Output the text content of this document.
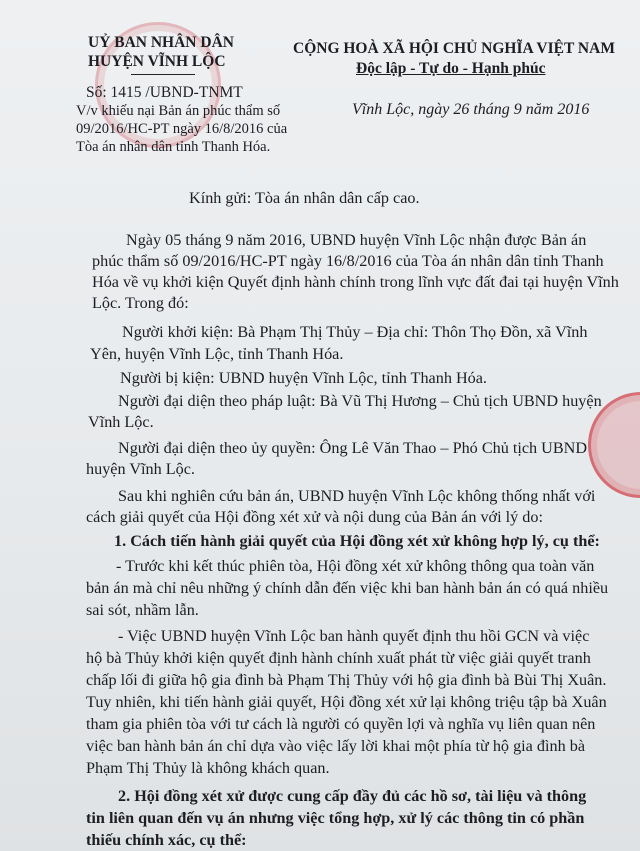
UỶ BAN NHÂN DÂN
HUYỆN VĨNH LỘC
Số: 1415 /UBND-TNMT
V/v khiếu nại Bản án phúc thẩm số
09/2016/HC-PT ngày 16/8/2016 của
Tòa án nhân dân tỉnh Thanh Hóa.
CỘNG HOÀ XÃ HỘI CHỦ NGHĨA VIỆT NAM
Độc lập - Tự do - Hạnh phúc
Vĩnh Lộc, ngày 26 tháng 9 năm 2016
Kính gửi: Tòa án nhân dân cấp cao.
Ngày 05 tháng 9 năm 2016, UBND huyện Vĩnh Lộc nhận được Bản án
phúc thẩm số 09/2016/HC-PT ngày 16/8/2016 của Tòa án nhân dân tỉnh Thanh
Hóa về vụ khởi kiện Quyết định hành chính trong lĩnh vực đất đai tại huyện Vĩnh
Lộc. Trong đó:
Người khởi kiện: Bà Phạm Thị Thủy – Địa chỉ: Thôn Thọ Đồn, xã Vĩnh
Yên, huyện Vĩnh Lộc, tỉnh Thanh Hóa.
Người bị kiện: UBND huyện Vĩnh Lộc, tỉnh Thanh Hóa.
Người đại diện theo pháp luật: Bà Vũ Thị Hương – Chủ tịch UBND huyện
Vĩnh Lộc.
Người đại diện theo ủy quyền: Ông Lê Văn Thao – Phó Chủ tịch UBND
huyện Vĩnh Lộc.
Sau khi nghiên cứu bản án, UBND huyện Vĩnh Lộc không thống nhất với
cách giải quyết của Hội đồng xét xử và nội dung của Bản án với lý do:
1. Cách tiến hành giải quyết của Hội đồng xét xử không hợp lý, cụ thể:
- Trước khi kết thúc phiên tòa, Hội đồng xét xử không thông qua toàn văn
bản án mà chỉ nêu những ý chính dẫn đến việc khi ban hành bản án có quá nhiều
sai sót, nhầm lẫn.
- Việc UBND huyện Vĩnh Lộc ban hành quyết định thu hồi GCN và việc
hộ bà Thủy khởi kiện quyết định hành chính xuất phát từ việc giải quyết tranh
chấp lối đi giữa hộ gia đình bà Phạm Thị Thủy với hộ gia đình bà Bùi Thị Xuân.
Tuy nhiên, khi tiến hành giải quyết, Hội đồng xét xử lại không triệu tập bà Xuân
tham gia phiên tòa với tư cách là người có quyền lợi và nghĩa vụ liên quan nên
việc ban hành bản án chỉ dựa vào việc lấy lời khai một phía từ hộ gia đình bà
Phạm Thị Thủy là không khách quan.
2. Hội đồng xét xử được cung cấp đầy đủ các hồ sơ, tài liệu và thông
tin liên quan đến vụ án nhưng việc tổng hợp, xử lý các thông tin có phần
thiếu chính xác, cụ thể:
